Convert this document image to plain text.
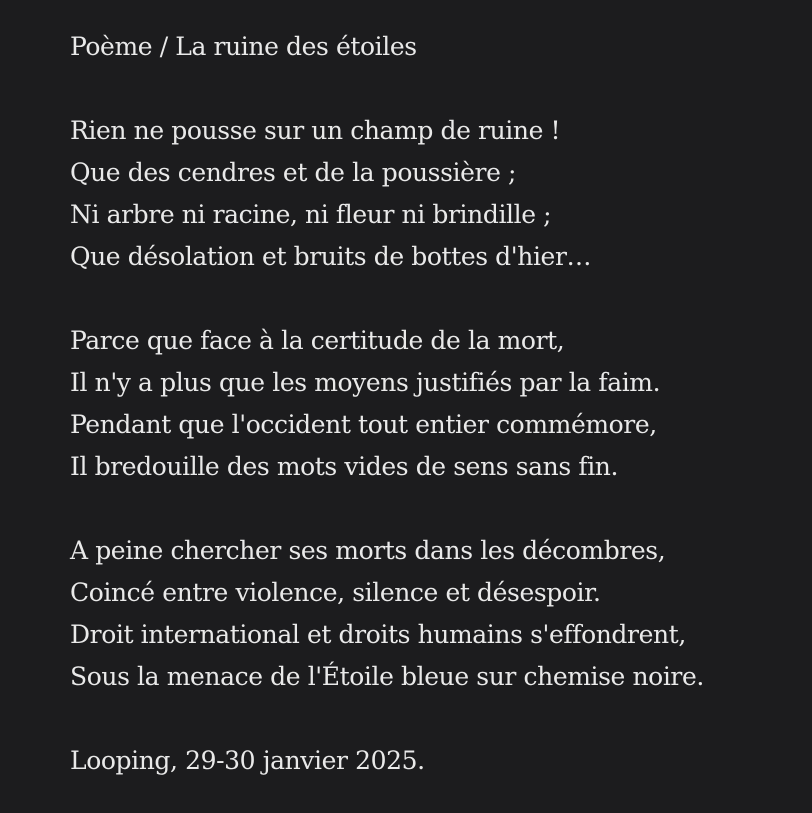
Poème / La ruine des étoiles
Rien ne pousse sur un champ de ruine !
Que des cendres et de la poussière ;
Ni arbre ni racine, ni fleur ni brindille ;
Que désolation et bruits de bottes d'hier…
Parce que face à la certitude de la mort,
Il n'y a plus que les moyens justifiés par la faim.
Pendant que l'occident tout entier commémore,
Il bredouille des mots vides de sens sans fin.
A peine chercher ses morts dans les décombres,
Coincé entre violence, silence et désespoir.
Droit international et droits humains s'effondrent,
Sous la menace de l'Étoile bleue sur chemise noire.
Looping, 29-30 janvier 2025.
